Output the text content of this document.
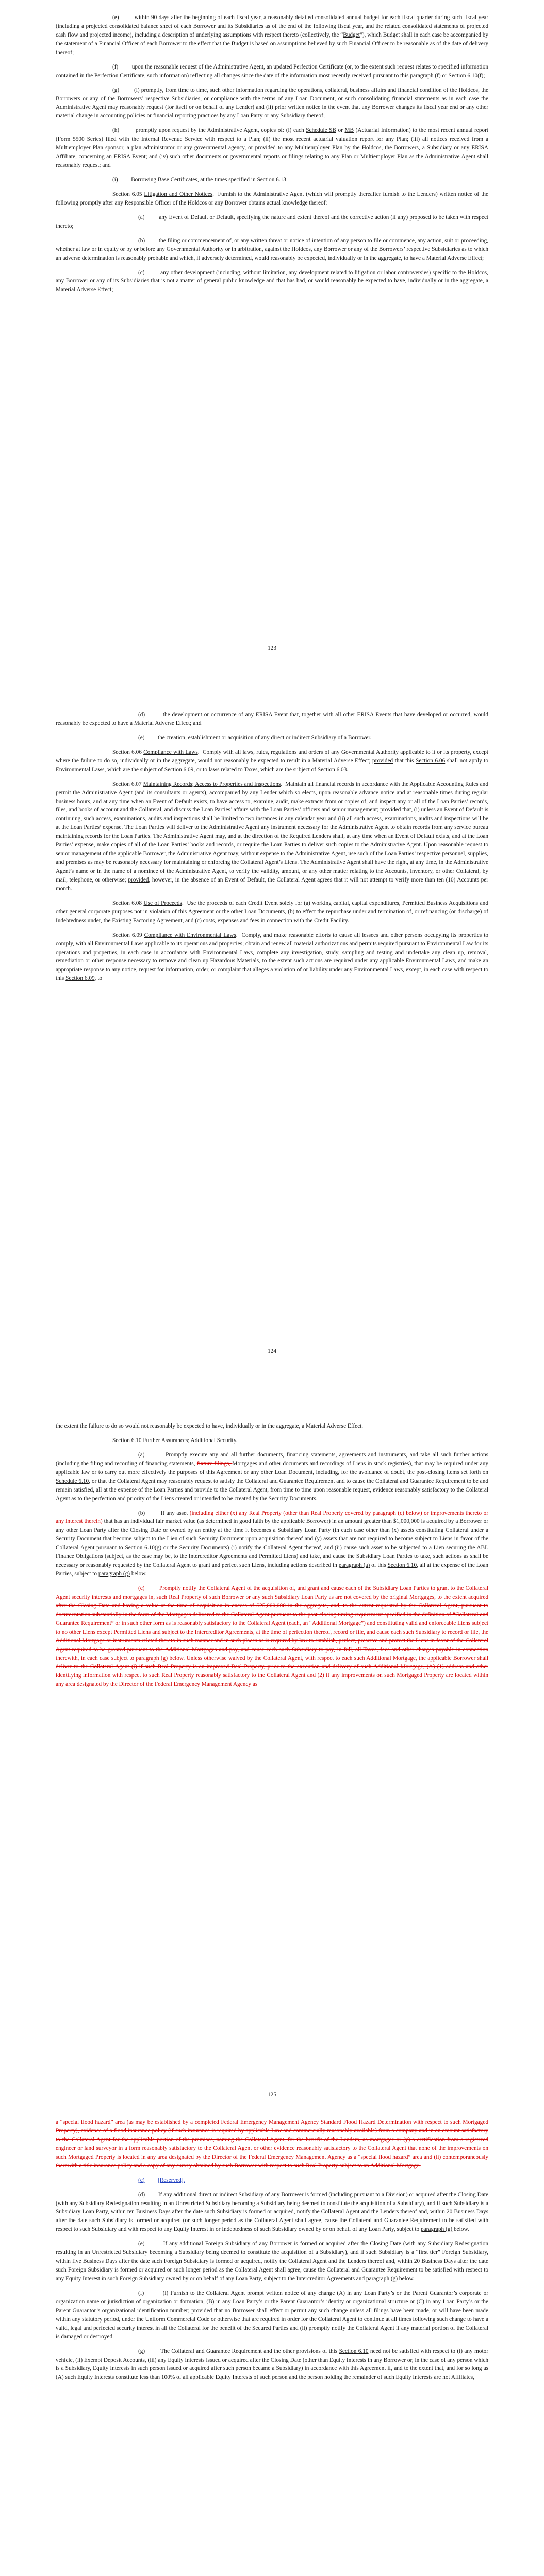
(e)         within 90 days after the beginning of each fiscal year, a reasonably detailed consolidated annual budget for each fiscal quarter during such fiscal year (including a projected consolidated balance sheet of each Borrower and its Subsidiaries as of the end of the following fiscal year, and the related consolidated statements of projected cash flow and projected income), including a description of underlying assumptions with respect thereto (collectively, the “Budget”), which Budget shall in each case be accompanied by the statement of a Financial Officer of each Borrower to the effect that the Budget is based on assumptions believed by such Financial Officer to be reasonable as of the date of delivery thereof;

(f)         upon the reasonable request of the Administrative Agent, an updated Perfection Certificate (or, to the extent such request relates to specified information contained in the Perfection Certificate, such information) reflecting all changes since the date of the information most recently received pursuant to this paragraph (f) or Section 6.10(f);

(g)         (i) promptly, from time to time, such other information regarding the operations, collateral, business affairs and financial condition of the Holdcos, the Borrowers or any of the Borrowers’ respective Subsidiaries, or compliance with the terms of any Loan Document, or such consolidating financial statements as in each case the Administrative Agent may reasonably request (for itself or on behalf of any Lender) and (ii) prior written notice in the event that any Borrower changes its fiscal year end or any other material change in accounting policies or financial reporting practices by any Loan Party or any Subsidiary thereof;

(h)         promptly upon request by the Administrative Agent, copies of: (i) each Schedule SB or MB (Actuarial Information) to the most recent annual report (Form 5500 Series) filed with the Internal Revenue Service with respect to a Plan; (ii) the most recent actuarial valuation report for any Plan; (iii) all notices received from a Multiemployer Plan sponsor, a plan administrator or any governmental agency, or provided to any Multiemployer Plan by the Holdcos, the Borrowers, a Subsidiary or any ERISA Affiliate, concerning an ERISA Event; and (iv) such other documents or governmental reports or filings relating to any Plan or Multiemployer Plan as the Administrative Agent shall reasonably request; and

(i)         Borrowing Base Certificates, at the times specified in Section 6.13.

Section 6.05 Litigation and Other Notices.  Furnish to the Administrative Agent (which will promptly thereafter furnish to the Lenders) written notice of the following promptly after any Responsible Officer of the Holdcos or any Borrower obtains actual knowledge thereof:

(a)         any Event of Default or Default, specifying the nature and extent thereof and the corrective action (if any) proposed to be taken with respect thereto;

(b)         the filing or commencement of, or any written threat or notice of intention of any person to file or commence, any action, suit or proceeding, whether at law or in equity or by or before any Governmental Authority or in arbitration, against the Holdcos, any Borrower or any of the Borrowers’ respective Subsidiaries as to which an adverse determination is reasonably probable and which, if adversely determined, would reasonably be expected, individually or in the aggregate, to have a Material Adverse Effect;

(c)         any other development (including, without limitation, any development related to litigation or labor controversies) specific to the Holdcos, any Borrower or any of its Subsidiaries that is not a matter of general public knowledge and that has had, or would reasonably be expected to have, individually or in the aggregate, a Material Adverse Effect;

123

(d)         the development or occurrence of any ERISA Event that, together with all other ERISA Events that have developed or occurred, would reasonably be expected to have a Material Adverse Effect; and

(e)         the creation, establishment or acquisition of any direct or indirect Subsidiary of a Borrower.

Section 6.06 Compliance with Laws.  Comply with all laws, rules, regulations and orders of any Governmental Authority applicable to it or its property, except where the failure to do so, individually or in the aggregate, would not reasonably be expected to result in a Material Adverse Effect; provided that this Section 6.06 shall not apply to Environmental Laws, which are the subject of Section 6.09, or to laws related to Taxes, which are the subject of Section 6.03.

Section 6.07 Maintaining Records; Access to Properties and Inspections.  Maintain all financial records in accordance with the Applicable Accounting Rules and permit the Administrative Agent (and its consultants or agents), accompanied by any Lender which so elects, upon reasonable advance notice and at reasonable times during regular business hours, and at any time when an Event of Default exists, to have access to, examine, audit, make extracts from or copies of, and inspect any or all of the Loan Parties’ records, files, and books of account and the Collateral, and discuss the Loan Parties’ affairs with the Loan Parties’ officers and senior management; provided that, (i) unless an Event of Default is continuing, such access, examinations, audits and inspections shall be limited to two instances in any calendar year and (ii) all such access, examinations, audits and inspections will be at the Loan Parties’ expense. The Loan Parties will deliver to the Administrative Agent any instrument necessary for the Administrative Agent to obtain records from any service bureau maintaining records for the Loan Parties. The Administrative Agent may, and at the direction of the Required Lenders shall, at any time when an Event of Default exists, and at the Loan Parties’ expense, make copies of all of the Loan Parties’ books and records, or require the Loan Parties to deliver such copies to the Administrative Agent. Upon reasonable request to senior management of the applicable Borrower, the Administrative Agent may, without expense to the Administrative Agent, use such of the Loan Parties’ respective personnel, supplies, and premises as may be reasonably necessary for maintaining or enforcing the Collateral Agent’s Liens. The Administrative Agent shall have the right, at any time, in the Administrative Agent’s name or in the name of a nominee of the Administrative Agent, to verify the validity, amount, or any other matter relating to the Accounts, Inventory, or other Collateral, by mail, telephone, or otherwise; provided, however, in the absence of an Event of Default, the Collateral Agent agrees that it will not attempt to verify more than ten (10) Accounts per month.

Section 6.08 Use of Proceeds.  Use the proceeds of each Credit Event solely for (a) working capital, capital expenditures, Permitted Business Acquisitions and other general corporate purposes not in violation of this Agreement or the other Loan Documents, (b) to effect the repurchase under and termination of, or refinancing (or discharge) of Indebtedness under, the Existing Factoring Agreement, and (c) costs, expenses and fees in connection with the Credit Facility.

Section 6.09 Compliance with Environmental Laws.  Comply, and make reasonable efforts to cause all lessees and other persons occupying its properties to comply, with all Environmental Laws applicable to its operations and properties; obtain and renew all material authorizations and permits required pursuant to Environmental Law for its operations and properties, in each case in accordance with Environmental Laws, complete any investigation, study, sampling and testing and undertake any clean up, removal, remediation or other response necessary to remove and clean up Hazardous Materials, to the extent such actions are required under any applicable Environmental Laws, and make an appropriate response to any notice, request for information, order, or complaint that alleges a violation of or liability under any Environmental Laws, except, in each case with respect to this Section 6.09, to

124

the extent the failure to do so would not reasonably be expected to have, individually or in the aggregate, a Material Adverse Effect.

Section 6.10 Further Assurances; Additional Security.

(a)         Promptly execute any and all further documents, financing statements, agreements and instruments, and take all such further actions (including the filing and recording of financing statements, fixture filings, Mortgages and other documents and recordings of Liens in stock registries), that may be required under any applicable law or to carry out more effectively the purposes of this Agreement or any other Loan Document, including, for the avoidance of doubt, the post-closing items set forth on Schedule 6.10, or that the Collateral Agent may reasonably request to satisfy the Collateral and Guarantee Requirement and to cause the Collateral and Guarantee Requirement to be and remain satisfied, all at the expense of the Loan Parties and provide to the Collateral Agent, from time to time upon reasonable request, evidence reasonably satisfactory to the Collateral Agent as to the perfection and priority of the Liens created or intended to be created by the Security Documents.

(b)         If any asset (including either (x) any Real Property (other than Real Property covered by paragraph (c) below) or improvements thereto or any interest therein) that has an individual fair market value (as determined in good faith by the applicable Borrower) in an amount greater than $1,000,000 is acquired by a Borrower or any other Loan Party after the Closing Date or owned by an entity at the time it becomes a Subsidiary Loan Party (in each case other than (x) assets constituting Collateral under a Security Document that become subject to the Lien of such Security Document upon acquisition thereof and (y) assets that are not required to become subject to Liens in favor of the Collateral Agent pursuant to Section 6.10(g) or the Security Documents) (i) notify the Collateral Agent thereof, and (ii) cause such asset to be subjected to a Lien securing the ABL Finance Obligations (subject, as the case may be, to the Intercreditor Agreements and Permitted Liens) and take, and cause the Subsidiary Loan Parties to take, such actions as shall be necessary or reasonably requested by the Collateral Agent to grant and perfect such Liens, including actions described in paragraph (a) of this Section 6.10, all at the expense of the Loan Parties, subject to paragraph (g) below.

(c)         Promptly notify the Collateral Agent of the acquisition of, and grant and cause each of the Subsidiary Loan Parties to grant to the Collateral Agent security interests and mortgages in, such Real Property of such Borrower or any such Subsidiary Loan Party as are not covered by the original Mortgages, to the extent acquired after the Closing Date and having a value at the time of acquisition in excess of $25,000,000 in the aggregate, and, to the extent requested by the Collateral Agent, pursuant to documentation substantially in the form of the Mortgages delivered to the Collateral Agent pursuant to the post-closing timing requirement specified in the definition of “Collateral and Guarantee Requirement” or in such other form as is reasonably satisfactory to the Collateral Agent (each, an “Additional Mortgage”) and constituting valid and enforceable Liens subject to no other Liens except Permitted Liens and subject to the Intercreditor Agreements, at the time of perfection thereof, record or file, and cause each such Subsidiary to record or file, the Additional Mortgage or instruments related thereto in such manner and in such places as is required by law to establish, perfect, preserve and protect the Liens in favor of the Collateral Agent required to be granted pursuant to the Additional Mortgages and pay, and cause each such Subsidiary to pay, in full, all Taxes, fees and other charges payable in connection therewith, in each case subject to paragraph (g) below. Unless otherwise waived by the Collateral Agent, with respect to each such Additional Mortgage, the applicable Borrower shall deliver to the Collateral Agent (i) if such Real Property is an improved Real Property, prior to the execution and delivery of such Additional Mortgage, (A) (1) address and other identifying information with respect to such Real Property reasonably satisfactory to the Collateral Agent and (2) if any improvements on such Mortgaged Property are located within any area designated by the Director of the Federal Emergency Management Agency as

125

a “special flood hazard” area (as may be established by a completed Federal Emergency Management Agency Standard Flood Hazard Determination with respect to such Mortgaged Property), evidence of a flood insurance policy (if such insurance is required by applicable Law and commercially reasonably available) from a company and in an amount satisfactory to the Collateral Agent for the applicable portion of the premises, naming the Collateral Agent, for the benefit of the Lenders, as mortgagee or (y) a certification from a registered engineer or land surveyor in a form reasonably satisfactory to the Collateral Agent or other evidence reasonably satisfactory to the Collateral Agent that none of the improvements on such Mortgaged Property is located in any area designated by the Director of the Federal Emergency Management Agency as a “special flood hazard” area and (ii) contemporaneously therewith a title insurance policy and a copy of any survey obtained by such Borrower with respect to such Real Property subject to an Additional Mortgage.

(c) [Reserved].

(d)         If any additional direct or indirect Subsidiary of any Borrower is formed (including pursuant to a Division) or acquired after the Closing Date (with any Subsidiary Redesignation resulting in an Unrestricted Subsidiary becoming a Subsidiary being deemed to constitute the acquisition of a Subsidiary), and if such Subsidiary is a Subsidiary Loan Party, within ten Business Days after the date such Subsidiary is formed or acquired, notify the Collateral Agent and the Lenders thereof and, within 20 Business Days after the date such Subsidiary is formed or acquired (or such longer period as the Collateral Agent shall agree, cause the Collateral and Guarantee Requirement to be satisfied with respect to such Subsidiary and with respect to any Equity Interest in or Indebtedness of such Subsidiary owned by or on behalf of any Loan Party, subject to paragraph (g) below.

(e)         If any additional Foreign Subsidiary of any Borrower is formed or acquired after the Closing Date (with any Subsidiary Redesignation resulting in an Unrestricted Subsidiary becoming a Subsidiary being deemed to constitute the acquisition of a Subsidiary), and if such Subsidiary is a “first tier” Foreign Subsidiary, within five Business Days after the date such Foreign Subsidiary is formed or acquired, notify the Collateral Agent and the Lenders thereof and, within 20 Business Days after the date such Foreign Subsidiary is formed or acquired or such longer period as the Collateral Agent shall agree, cause the Collateral and Guarantee Requirement to be satisfied with respect to any Equity Interest in such Foreign Subsidiary owned by or on behalf of any Loan Party, subject to the Intercreditor Agreements and paragraph (g) below.

(f)         (i) Furnish to the Collateral Agent prompt written notice of any change (A) in any Loan Party’s or the Parent Guarantor’s corporate or organization name or jurisdiction of organization or formation, (B) in any Loan Party’s or the Parent Guarantor’s identity or organizational structure or (C) in any Loan Party’s or the Parent Guarantor’s organizational identification number; provided that no Borrower shall effect or permit any such change unless all filings have been made, or will have been made within any statutory period, under the Uniform Commercial Code or otherwise that are required in order for the Collateral Agent to continue at all times following such change to have a valid, legal and perfected security interest in all the Collateral for the benefit of the Secured Parties and (ii) promptly notify the Collateral Agent if any material portion of the Collateral is damaged or destroyed.

(g)         The Collateral and Guarantee Requirement and the other provisions of this Section 6.10 need not be satisfied with respect to (i) any motor vehicle, (ii) Exempt Deposit Accounts, (iii) any Equity Interests issued or acquired after the Closing Date (other than Equity Interests in any Borrower or, in the case of any person which is a Subsidiary, Equity Interests in such person issued or acquired after such person became a Subsidiary) in accordance with this Agreement if, and to the extent that, and for so long as (A) such Equity Interests constitute less than 100% of all applicable Equity Interests of such person and the person holding the remainder of such Equity Interests are not Affiliates,
